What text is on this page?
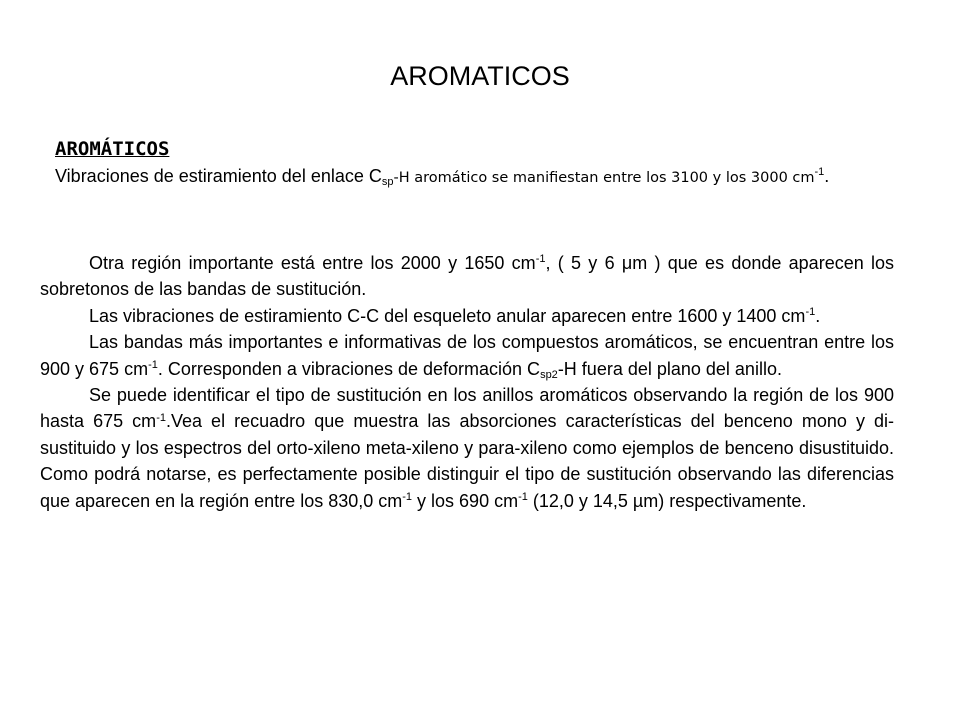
AROMATICOS

AROMÁTICOS

Vibraciones de estiramiento del enlace $C_{sp}-H$ aromático se manifiestan entre los 3100 y los 3000 $cm^{-1}$.

Otra región importante está entre los 2000 y 1650 $cm^{-1}$, ( 5 y 6 μm ) que es donde aparecen los sobretonos de las bandas de sustitución.

Las vibraciones de estiramiento C-C del esqueleto anular aparecen entre 1600 y 1400 $cm^{-1}$.

Las bandas más importantes e informativas de los compuestos aromáticos, se encuentran entre los 900 y 675 $cm^{-1}$. Corresponden a vibraciones de deformación $C_{sp2}-H$ fuera del plano del anillo.

Se puede identificar el tipo de sustitución en los anillos aromáticos observando la región de los 900 hasta 675 $cm^{-1}.Vea$ el recuadro que muestra las absorciones características del benceno mono y di-sustituido y los espectros del orto-xileno meta-xileno y para-xileno como ejemplos de benceno disustituido. Como podrá notarse, es perfectamente posible distinguir el tipo de sustitución observando las diferencias que aparecen en la región entre los 830,0 $cm^{-1}$ y los 690 $cm^{-1}$ (12,0 y 14,5 µm) respectivamente.
